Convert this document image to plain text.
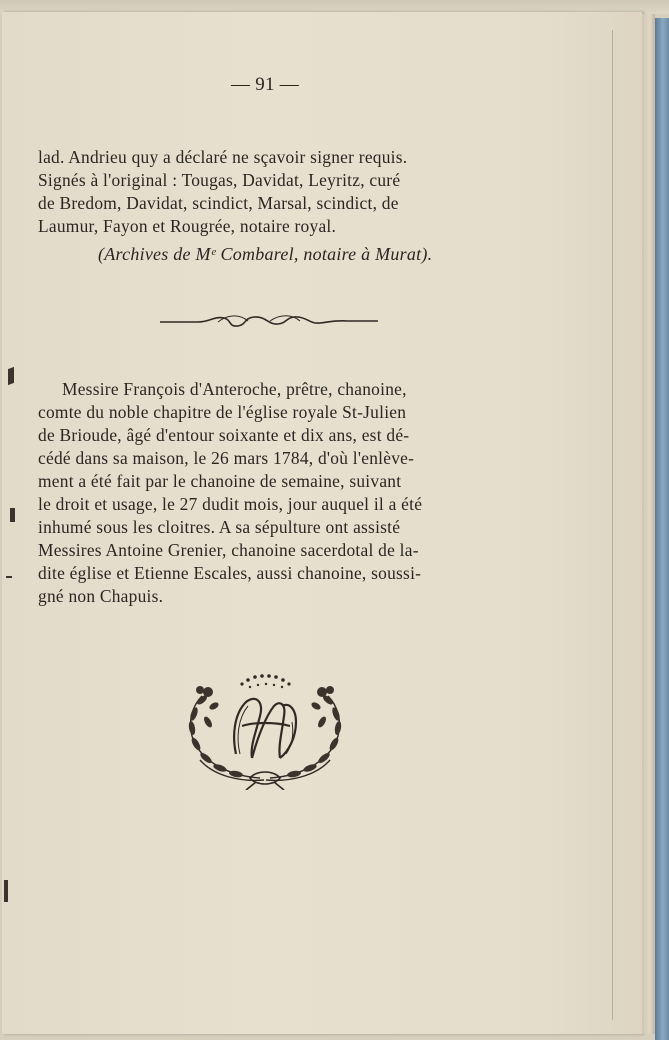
— 91 —
lad. Andrieu quy a déclaré ne sçavoir signer requis.
Signés à l'original : Tougas, Davidat, Leyritz, curé
de Bredom, Davidat, scindict, Marsal, scindict, de
Laumur, Fayon et Rougrée, notaire royal.
(Archives de Mᵉ Combarel, notaire à Murat).
Messire François d'Anteroche, prêtre, chanoine,
comte du noble chapitre de l'église royale St-Julien
de Brioude, âgé d'entour soixante et dix ans, est dé-
cédé dans sa maison, le 26 mars 1784, d'où l'enlève-
ment a été fait par le chanoine de semaine, suivant
le droit et usage, le 27 dudit mois, jour auquel il a été
inhumé sous les cloitres. A sa sépulture ont assisté
Messires Antoine Grenier, chanoine sacerdotal de la-
dite église et Etienne Escales, aussi chanoine, soussi-
gné non Chapuis.
